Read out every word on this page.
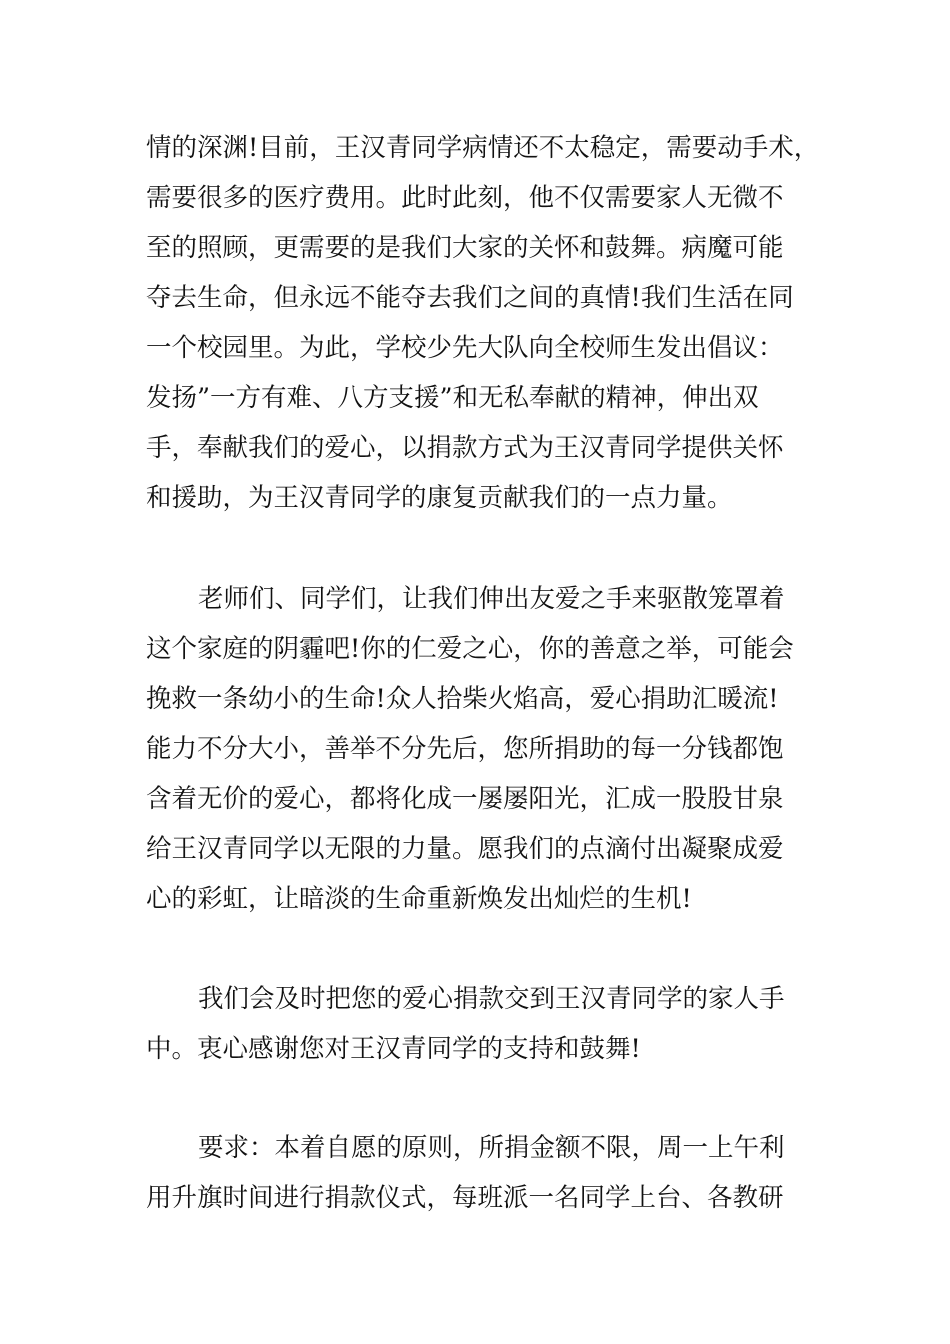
情的深渊!目前，王汉青同学病情还不太稳定，需要动手术，
需要很多的医疗费用。此时此刻，他不仅需要家人无微不
至的照顾，更需要的是我们大家的关怀和鼓舞。病魔可能
夺去生命，但永远不能夺去我们之间的真情!我们生活在同
一个校园里。为此，学校少先大队向全校师生发出倡议：
发扬”一方有难、八方支援”和无私奉献的精神，伸出双
手，奉献我们的爱心，以捐款方式为王汉青同学提供关怀
和援助，为王汉青同学的康复贡献我们的一点力量。
老师们、同学们，让我们伸出友爱之手来驱散笼罩着
这个家庭的阴霾吧!你的仁爱之心，你的善意之举，可能会
挽救一条幼小的生命!众人拾柴火焰高，爱心捐助汇暖流!
能力不分大小，善举不分先后，您所捐助的每一分钱都饱
含着无价的爱心，都将化成一屡屡阳光，汇成一股股甘泉
给王汉青同学以无限的力量。愿我们的点滴付出凝聚成爱
心的彩虹，让暗淡的生命重新焕发出灿烂的生机!
我们会及时把您的爱心捐款交到王汉青同学的家人手
中。衷心感谢您对王汉青同学的支持和鼓舞!
要求：本着自愿的原则，所捐金额不限，周一上午利
用升旗时间进行捐款仪式，每班派一名同学上台、各教研
